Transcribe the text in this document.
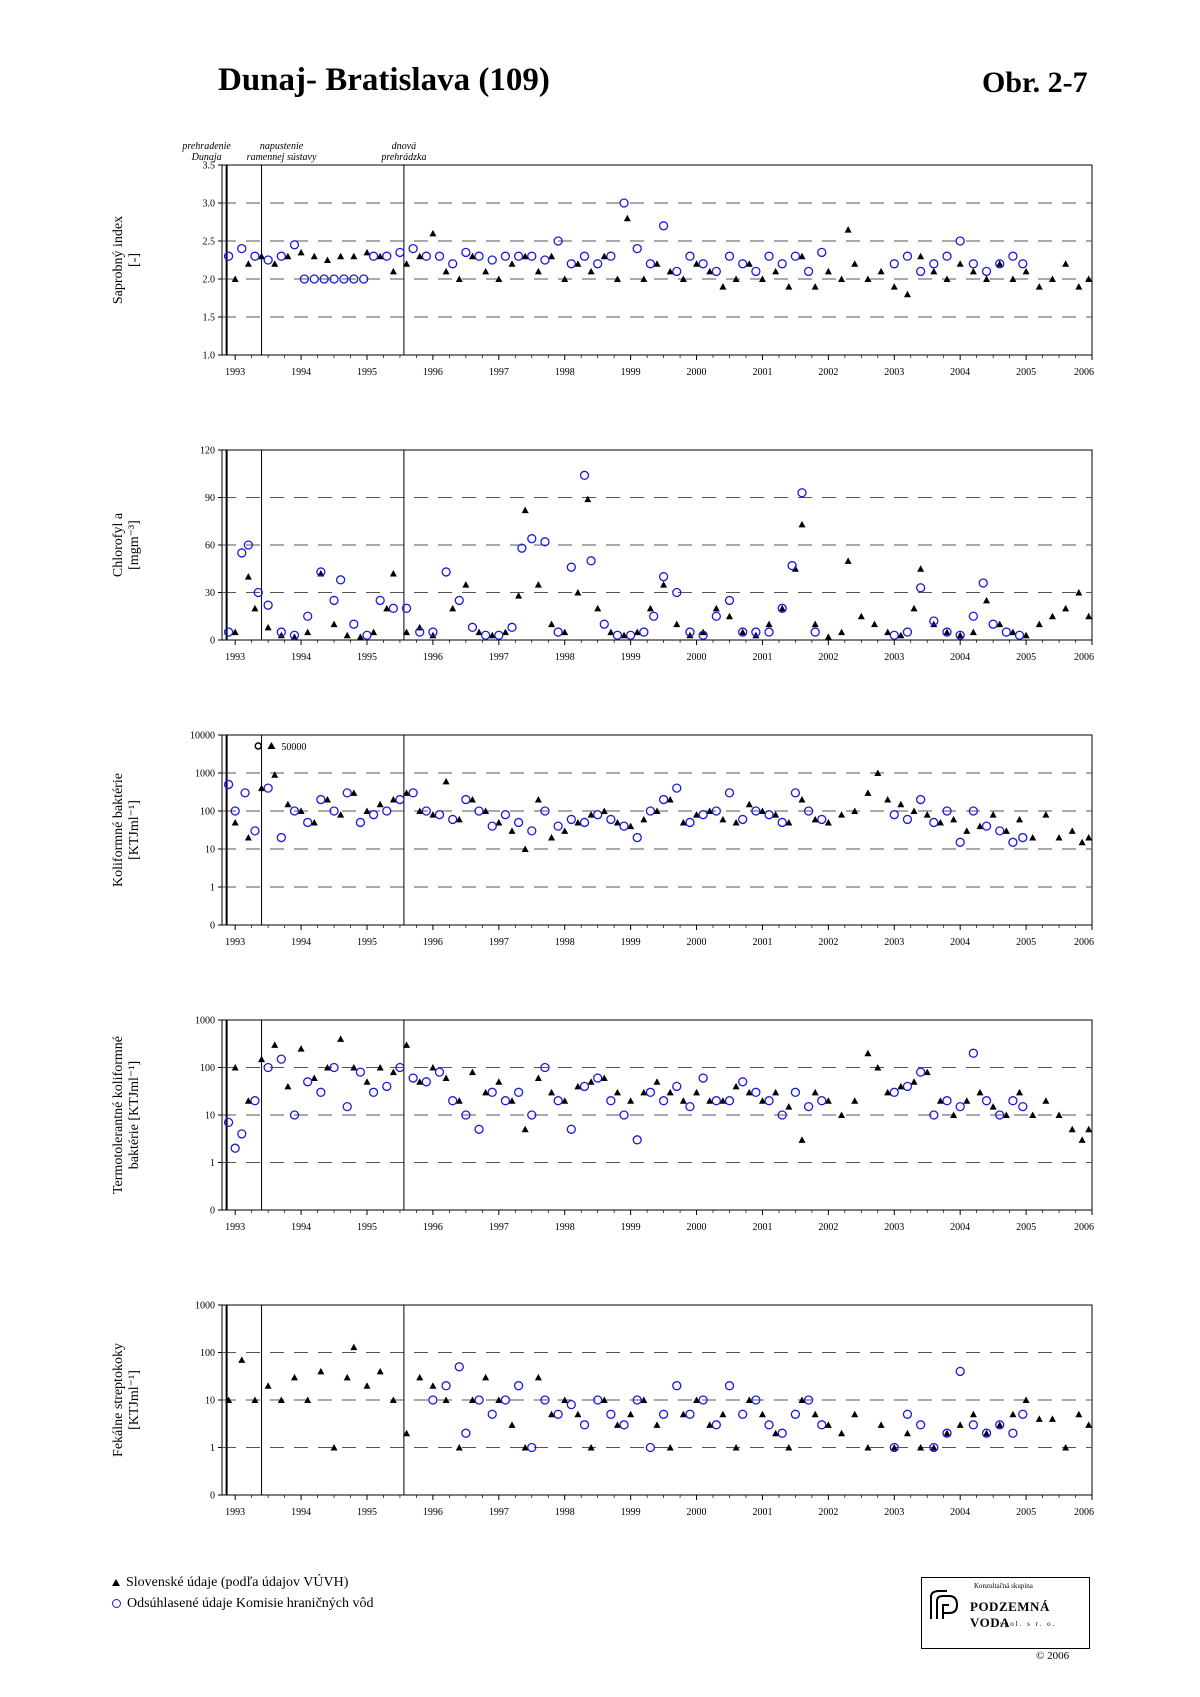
Dunaj- Bratislava (109)	Obr. 2-7
1.0
1.5
2.0
2.5
3.0
3.5
1993	1994	1995	1996	1997	1998	1999	2000	2001	2002	2003	2004	2005	2006
prehradenie
Dunaja
napustenie
ramennej sústavy
dnová
prehrádzka
Saprobný index [-]
0
30
60
90
120
1993	1994	1995	1996	1997	1998	1999	2000	2001	2002	2003	2004	2005	2006
Chlorofyl a [mgm⁻³]
0
1
10
100
1000
10000
1993	1994	1995	1996	1997	1998	1999	2000	2001	2002	2003	2004	2005	2006
Koliformné baktérie [KTJml⁻¹]
50000
0
1
10
100
1000
1993	1994	1995	1996	1997	1998	1999	2000	2001	2002	2003	2004	2005	2006
Termotolerantné koliformné baktérie [KTJml⁻¹]
0
1
10
100
1000
1993	1994	1995	1996	1997	1998	1999	2000	2001	2002	2003	2004	2005	2006
Fekálne streptokoky [KTJml⁻¹]
Slovenské údaje (podľa údajov VÚVH)
Odsúhlasené údaje Komisie hraničných vôd
Konzultačná skupina
PODZEMNÁ VODA
spol. s r. o.
© 2006
